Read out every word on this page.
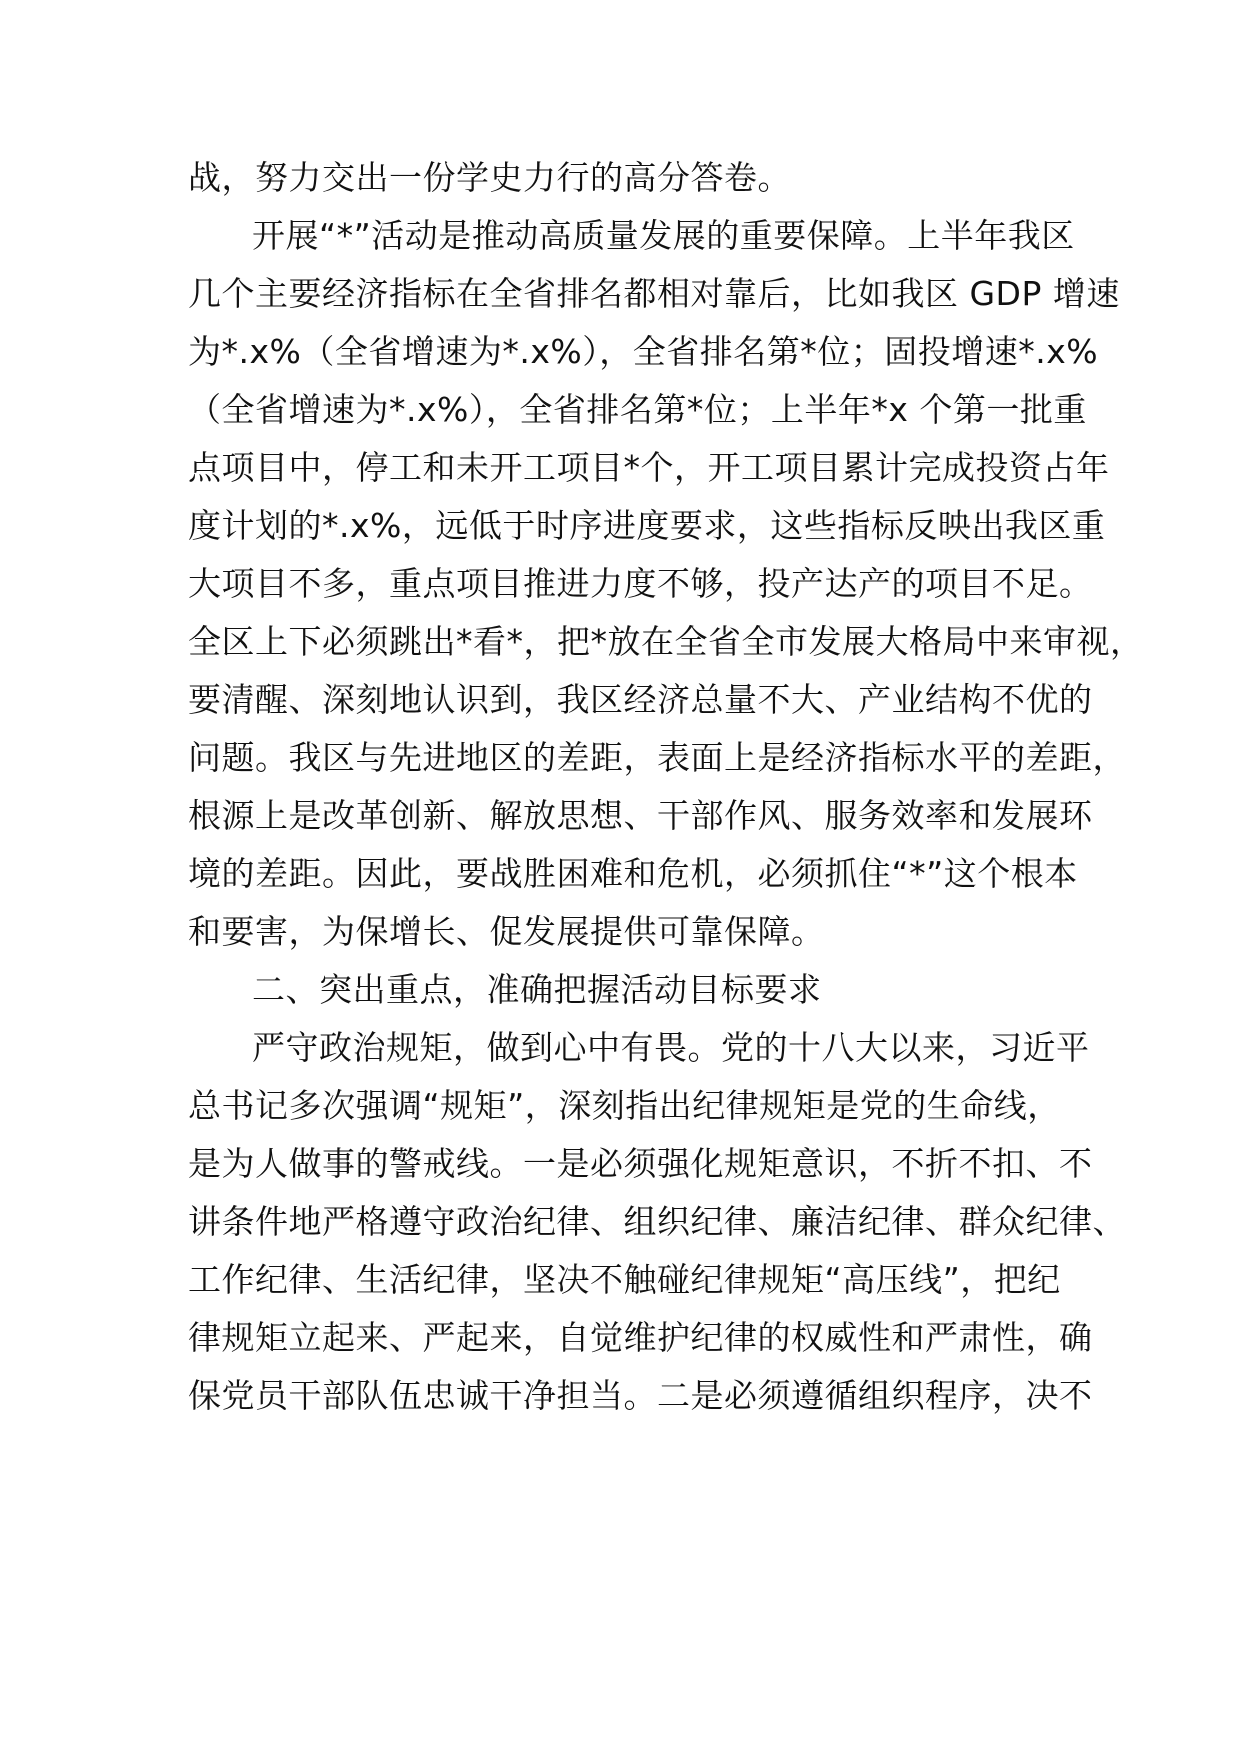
战，努力交出一份学史力行的高分答卷。
开展“*”活动是推动高质量发展的重要保障。上半年我区
几个主要经济指标在全省排名都相对靠后，比如我区 GDP 增速
为*.x%（全省增速为*.x%），全省排名第*位；固投增速*.x%
（全省增速为*.x%），全省排名第*位；上半年*x 个第一批重
点项目中，停工和未开工项目*个，开工项目累计完成投资占年
度计划的*.x%，远低于时序进度要求，这些指标反映出我区重
大项目不多，重点项目推进力度不够，投产达产的项目不足。
全区上下必须跳出*看*，把*放在全省全市发展大格局中来审视，
要清醒、深刻地认识到，我区经济总量不大、产业结构不优的
问题。我区与先进地区的差距，表面上是经济指标水平的差距，
根源上是改革创新、解放思想、干部作风、服务效率和发展环
境的差距。因此，要战胜困难和危机，必须抓住“*”这个根本
和要害，为保增长、促发展提供可靠保障。
二、突出重点，准确把握活动目标要求
严守政治规矩，做到心中有畏。党的十八大以来，习近平
总书记多次强调“规矩”，深刻指出纪律规矩是党的生命线，
是为人做事的警戒线。一是必须强化规矩意识，不折不扣、不
讲条件地严格遵守政治纪律、组织纪律、廉洁纪律、群众纪律、
工作纪律、生活纪律，坚决不触碰纪律规矩“高压线”，把纪
律规矩立起来、严起来，自觉维护纪律的权威性和严肃性，确
保党员干部队伍忠诚干净担当。二是必须遵循组织程序，决不
